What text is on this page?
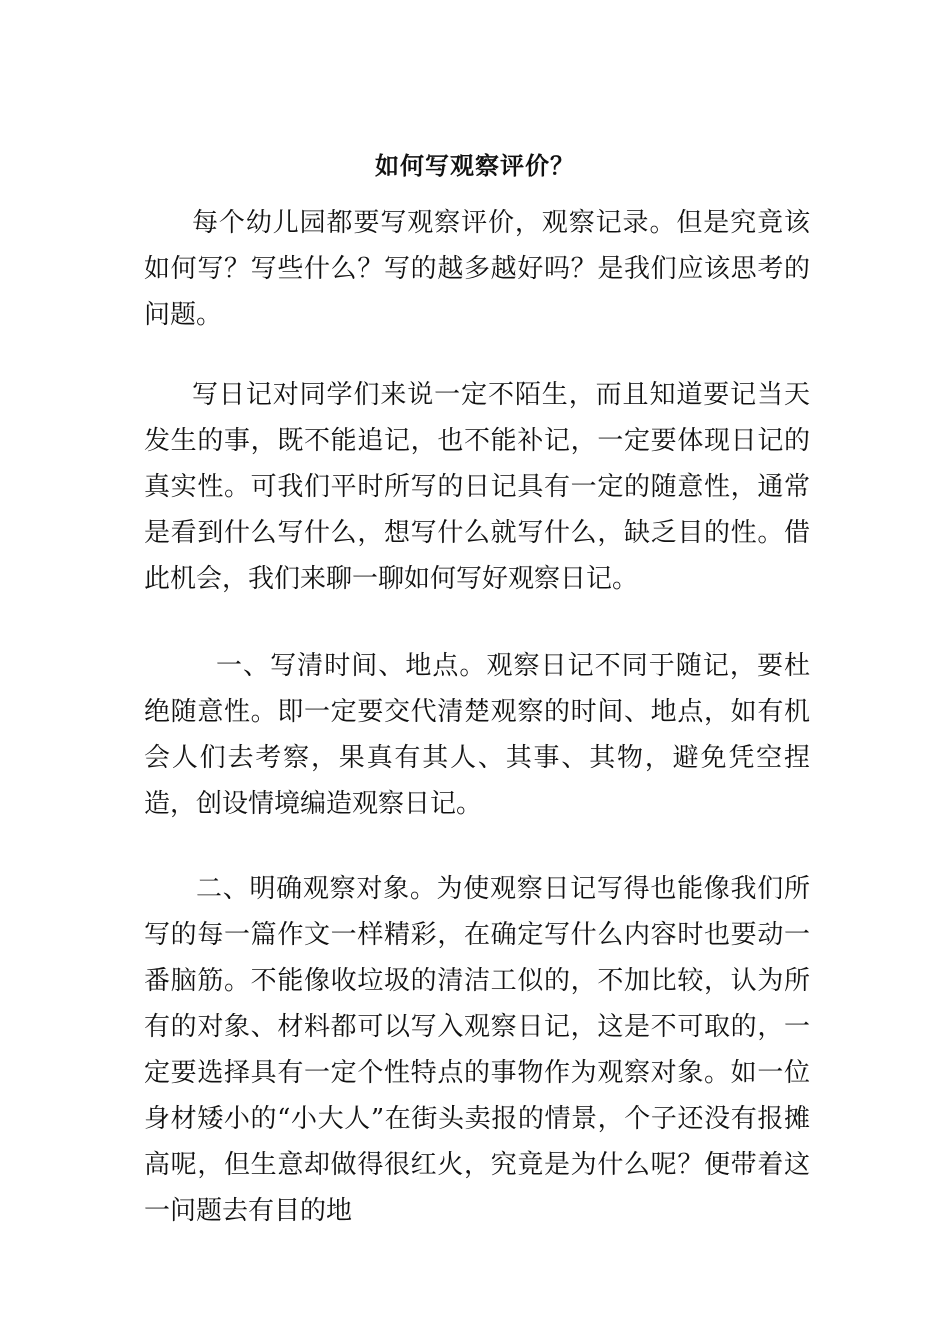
如何写观察评价？

每个幼儿园都要写观察评价，观察记录。但是究竟该如何写？写些什么？写的越多越好吗？是我们应该思考的问题。

写日记对同学们来说一定不陌生，而且知道要记当天发生的事，既不能追记，也不能补记，一定要体现日记的真实性。可我们平时所写的日记具有一定的随意性，通常是看到什么写什么，想写什么就写什么，缺乏目的性。借此机会，我们来聊一聊如何写好观察日记。

一、写清时间、地点。观察日记不同于随记，要杜绝随意性。即一定要交代清楚观察的时间、地点，如有机会人们去考察，果真有其人、其事、其物，避免凭空捏造，创设情境编造观察日记。

二、明确观察对象。为使观察日记写得也能像我们所写的每一篇作文一样精彩，在确定写什么内容时也要动一番脑筋。不能像收垃圾的清洁工似的，不加比较，认为所有的对象、材料都可以写入观察日记，这是不可取的，一定要选择具有一定个性特点的事物作为观察对象。如一位身材矮小的“小大人”在街头卖报的情景，个子还没有报摊高呢，但生意却做得很红火，究竟是为什么呢？便带着这一问题去有目的地
